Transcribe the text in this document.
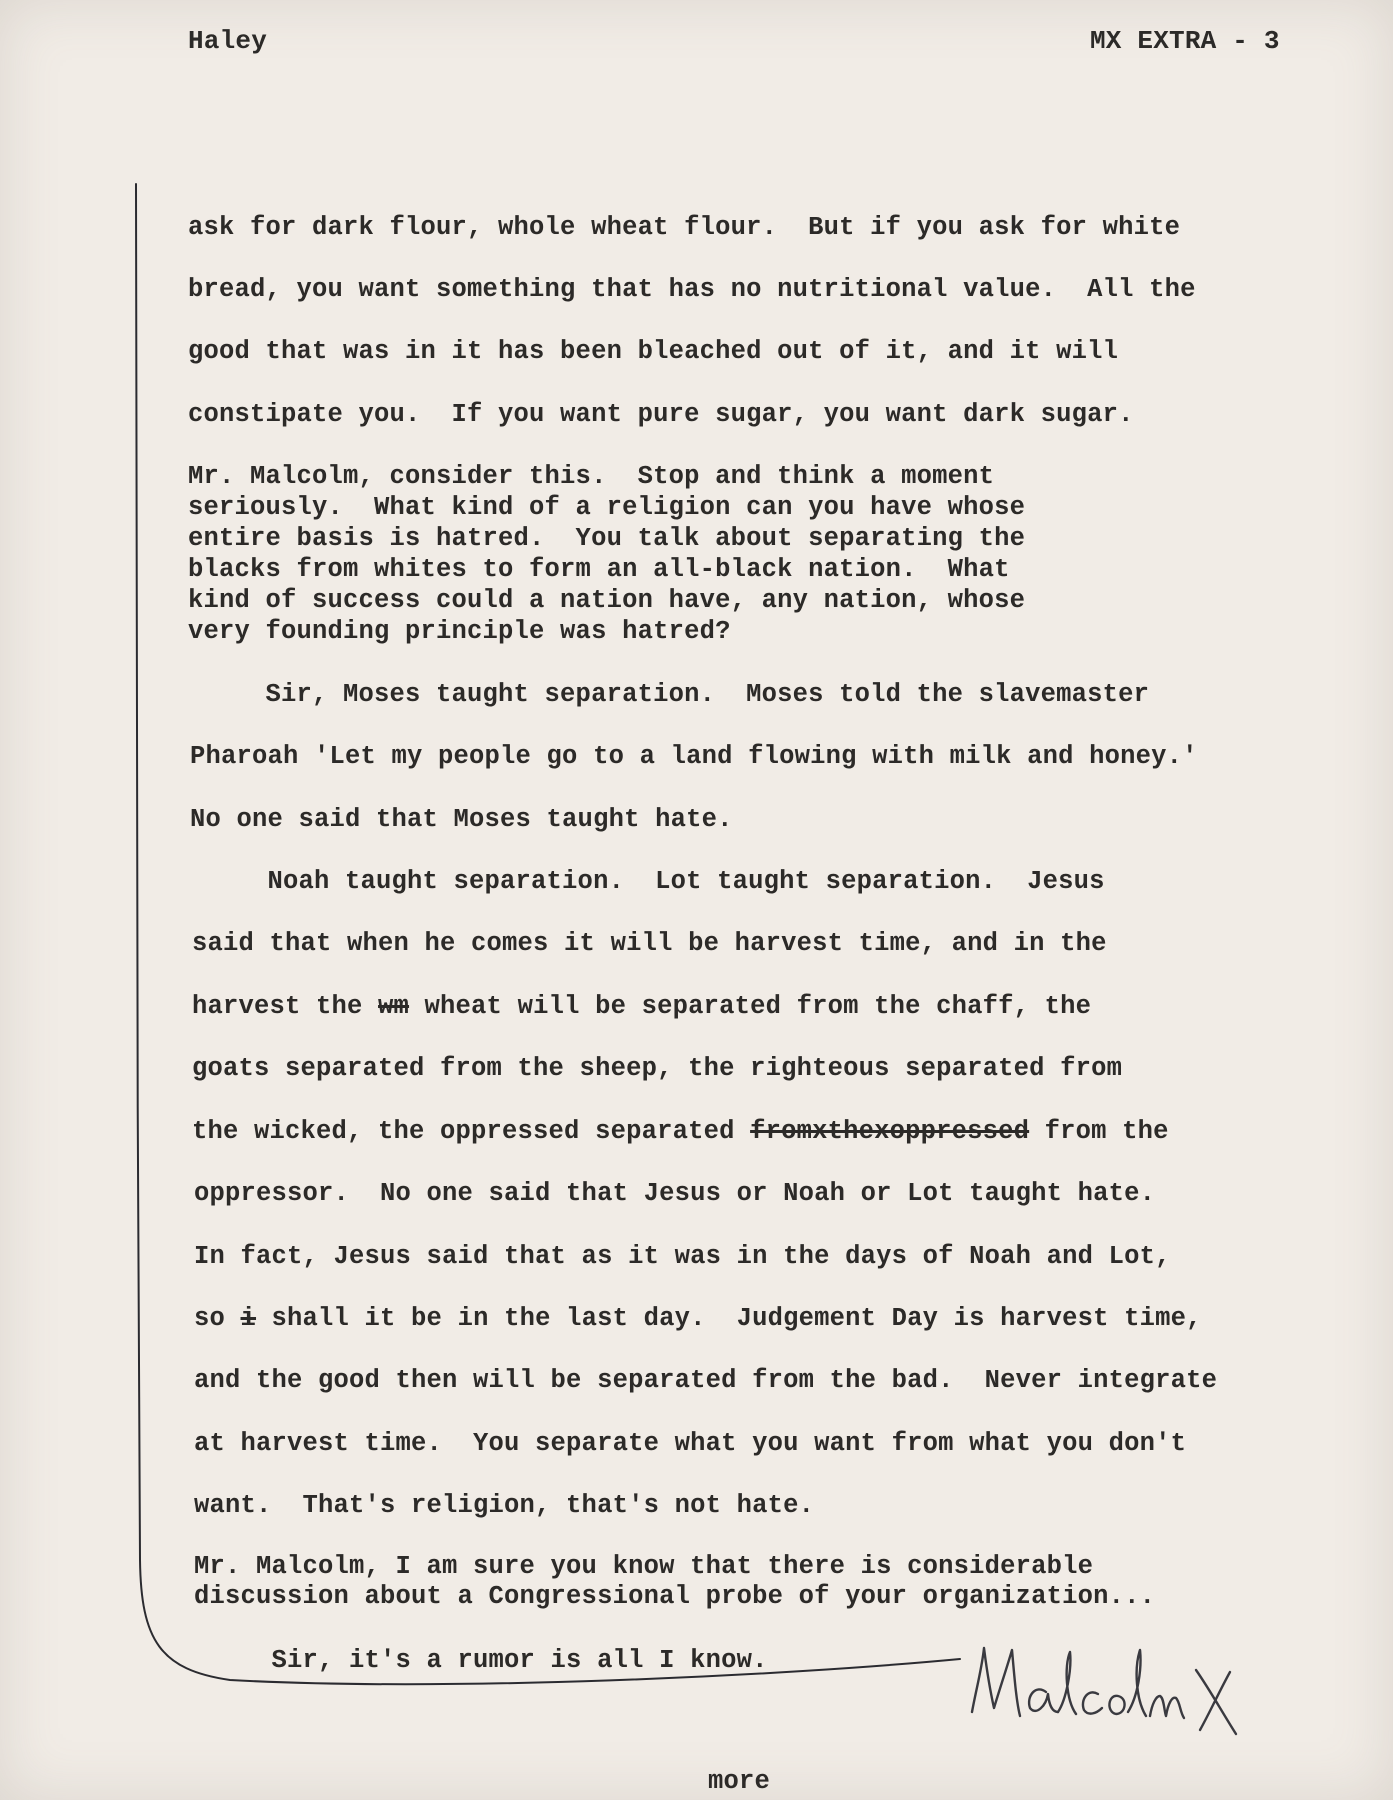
Haley	MX EXTRA - 3
ask for dark flour, whole wheat flour.  But if you ask for white
bread, you want something that has no nutritional value.  All the
good that was in it has been bleached out of it, and it will
constipate you.  If you want pure sugar, you want dark sugar.
Mr. Malcolm, consider this.  Stop and think a moment
seriously.  What kind of a religion can you have whose
entire basis is hatred.  You talk about separating the
blacks from whites to form an all-black nation.  What
kind of success could a nation have, any nation, whose
very founding principle was hatred?
Sir, Moses taught separation.  Moses told the slavemaster
Pharoah 'Let my people go to a land flowing with milk and honey.'
No one said that Moses taught hate.
Noah taught separation.  Lot taught separation.  Jesus
said that when he comes it will be harvest time, and in the
harvest the wm wheat will be separated from the chaff, the
goats separated from the sheep, the righteous separated from
the wicked, the oppressed separated fromxthexoppressed from the
oppressor.  No one said that Jesus or Noah or Lot taught hate.
In fact, Jesus said that as it was in the days of Noah and Lot,
so i shall it be in the last day.  Judgement Day is harvest time,
and the good then will be separated from the bad.  Never integrate
at harvest time.  You separate what you want from what you don't
want.  That's religion, that's not hate.
Mr. Malcolm, I am sure you know that there is considerable
discussion about a Congressional probe of your organization...
Sir, it's a rumor is all I know.
more
